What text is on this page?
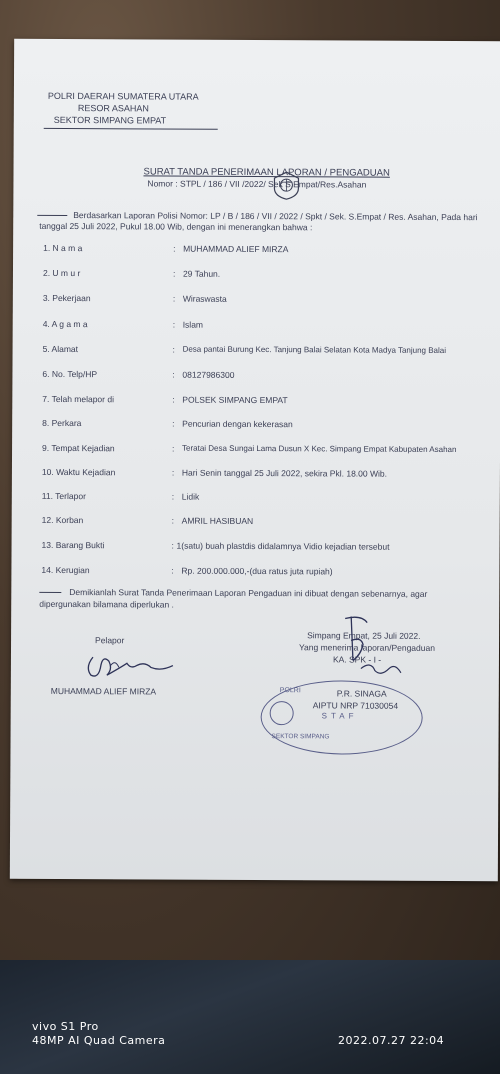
POLRI DAERAH SUMATERA UTARA
RESOR ASAHAN
SEKTOR SIMPANG EMPAT
SURAT TANDA PENERIMAAN LAPORAN / PENGADUAN
Nomor : STPL / 186 / VII /2022/ Sek S.Empat/Res.Asahan
Berdasarkan Laporan Polisi Nomor: LP / B / 186 / VII / 2022 / Spkt / Sek. S.Empat / Res. Asahan, Pada hari
tanggal 25 Juli 2022, Pukul 18.00 Wib, dengan ini menerangkan bahwa :
1. N a m a	: MUHAMMAD ALIEF MIRZA
2. U m u r	: 29 Tahun.
3. Pekerjaan	: Wiraswasta
4. A g a m a	: Islam
5. Alamat	: Desa pantai Burung Kec. Tanjung Balai Selatan Kota Madya Tanjung Balai
6. No. Telp/HP	: 08127986300
7. Telah melapor di	: POLSEK SIMPANG EMPAT
8. Perkara	: Pencurian dengan kekerasan
9. Tempat Kejadian	: Teratai Desa Sungai Lama Dusun X Kec. Simpang Empat Kabupaten Asahan
10. Waktu Kejadian	: Hari Senin tanggal 25 Juli 2022, sekira Pkl. 18.00 Wib.
11. Terlapor	: Lidik
12. Korban	: AMRIL HASIBUAN
13. Barang Bukti	: 1(satu) buah plastdis didalamnya Vidio kejadian tersebut
14. Kerugian	: Rp. 200.000.000,-(dua ratus juta rupiah)
Demikianlah Surat Tanda Penerimaan Laporan Pengaduan ini dibuat dengan sebenarnya, agar
dipergunakan bilamana diperlukan .
Pelapor
MUHAMMAD ALIEF MIRZA
Simpang Empat, 25 Juli 2022.
Yang menerima laporan/Pengaduan
KA. SPK - I -
POLRI
STAF
SEKTOR SIMPANG
P.R. SINAGA
AIPTU NRP 71030054
vivo S1 Pro
48MP AI Quad Camera	2022.07.27 22:04
